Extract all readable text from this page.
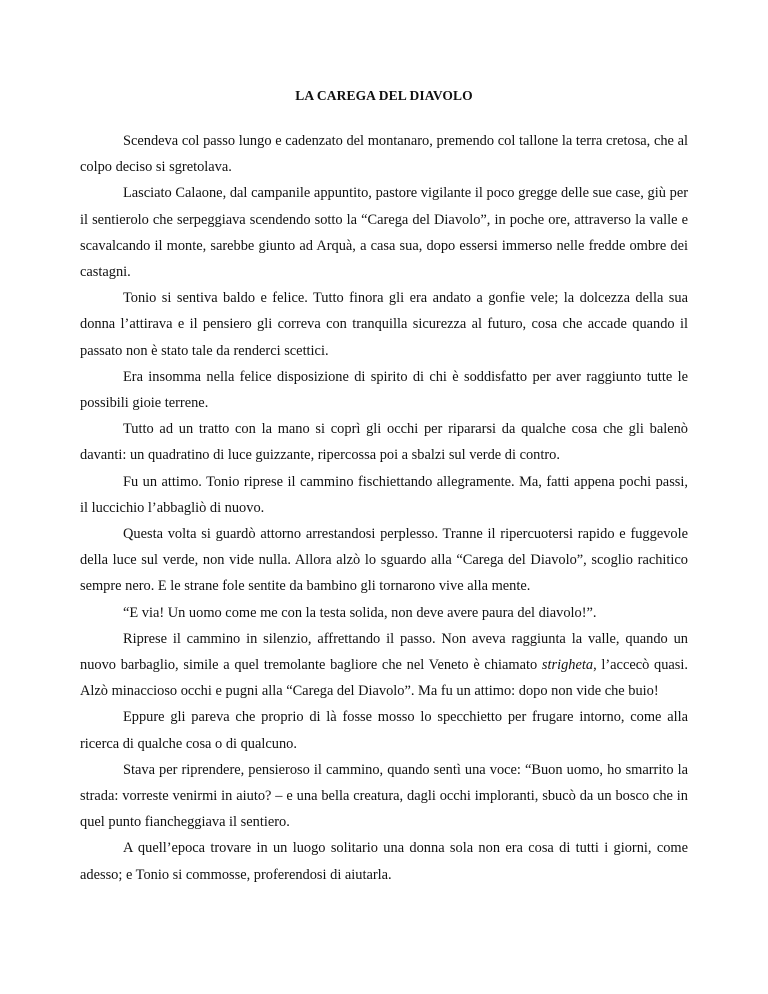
LA CAREGA DEL DIAVOLO

Scendeva col passo lungo e cadenzato del montanaro, premendo col tallone la terra cretosa, che al colpo deciso si sgretolava.

Lasciato Calaone, dal campanile appuntito, pastore vigilante il poco gregge delle sue case, giù per il sentierolo che serpeggiava scendendo sotto la “Carega del Diavolo”, in poche ore, attraverso la valle e scavalcando il monte, sarebbe giunto ad Arquà, a casa sua, dopo essersi immerso nelle fredde ombre dei castagni.

Tonio si sentiva baldo e felice. Tutto finora gli era andato a gonfie vele; la dolcezza della sua donna l’attirava e il pensiero gli correva con tranquilla sicurezza al futuro, cosa che accade quando il passato non è stato tale da renderci scettici.

Era insomma nella felice disposizione di spirito di chi è soddisfatto per aver raggiunto tutte le possibili gioie terrene.

Tutto ad un tratto con la mano si coprì gli occhi per ripararsi da qualche cosa che gli balenò davanti: un quadratino di luce guizzante, ripercossa poi a sbalzi sul verde di contro.

Fu un attimo. Tonio riprese il cammino fischiettando allegramente. Ma, fatti appena pochi passi, il luccichio l’abbagliò di nuovo.

Questa volta si guardò attorno arrestandosi perplesso. Tranne il ripercuotersi rapido e fuggevole della luce sul verde, non vide nulla. Allora alzò lo sguardo alla “Carega del Diavolo”, scoglio rachitico sempre nero. E le strane fole sentite da bambino gli tornarono vive alla mente.

“E via! Un uomo come me con la testa solida, non deve avere paura del diavolo!”.

Riprese il cammino in silenzio, affrettando il passo. Non aveva raggiunta la valle, quando un nuovo barbaglio, simile a quel tremolante bagliore che nel Veneto è chiamato strigheta, l’accecò quasi. Alzò minaccioso occhi e pugni alla “Carega del Diavolo”. Ma fu un attimo: dopo non vide che buio!

Eppure gli pareva che proprio di là fosse mosso lo specchietto per frugare intorno, come alla ricerca di qualche cosa o di qualcuno.

Stava per riprendere, pensieroso il cammino, quando sentì una voce: “Buon uomo, ho smarrito la strada: vorreste venirmi in aiuto? – e una bella creatura, dagli occhi imploranti, sbucò da un bosco che in quel punto fiancheggiava il sentiero.

A quell’epoca trovare in un luogo solitario una donna sola non era cosa di tutti i giorni, come adesso; e Tonio si commosse, proferendosi di aiutarla.
